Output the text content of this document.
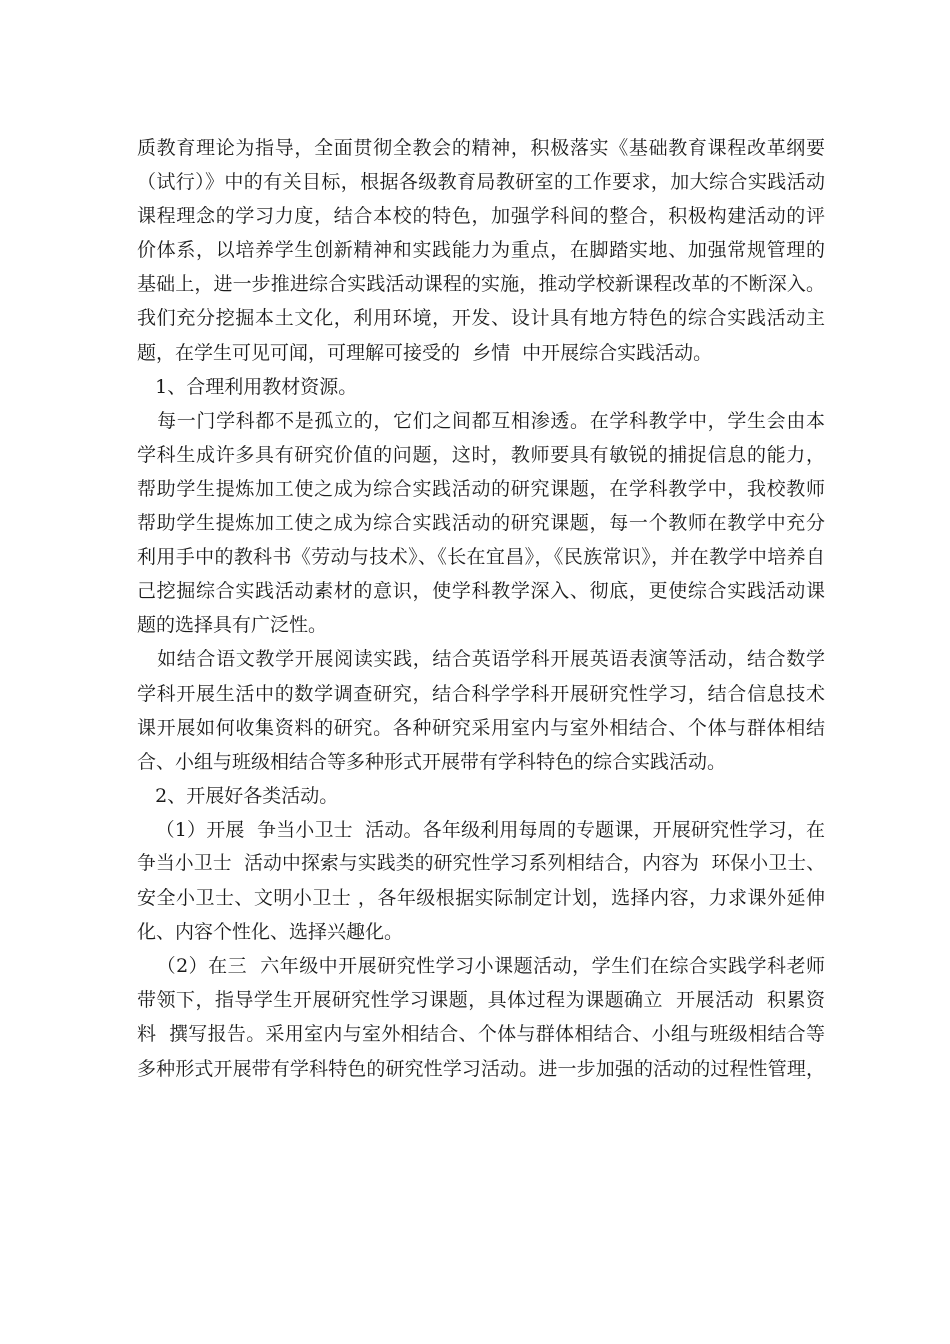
质教育理论为指导，全面贯彻全教会的精神，积极落实《基础教育课程改革纲要
（试行）》中的有关目标，根据各级教育局教研室的工作要求，加大综合实践活动
课程理念的学习力度，结合本校的特色，加强学科间的整合，积极构建活动的评
价体系，以培养学生创新精神和实践能力为重点，在脚踏实地、加强常规管理的
基础上，进一步推进综合实践活动课程的实施，推动学校新课程改革的不断深入。
我们充分挖掘本土文化，利用环境，开发、设计具有地方特色的综合实践活动主
题，在学生可见可闻，可理解可接受的  乡情  中开展综合实践活动。
1、合理利用教材资源。
每一门学科都不是孤立的，它们之间都互相渗透。在学科教学中，学生会由本
学科生成许多具有研究价值的问题，这时，教师要具有敏锐的捕捉信息的能力，
帮助学生提炼加工使之成为综合实践活动的研究课题，在学科教学中，我校教师
帮助学生提炼加工使之成为综合实践活动的研究课题，每一个教师在教学中充分
利用手中的教科书《劳动与技术》、《长在宜昌》，《民族常识》，并在教学中培养自
己挖掘综合实践活动素材的意识，使学科教学深入、彻底，更使综合实践活动课
题的选择具有广泛性。
如结合语文教学开展阅读实践，结合英语学科开展英语表演等活动，结合数学
学科开展生活中的数学调查研究，结合科学学科开展研究性学习，结合信息技术
课开展如何收集资料的研究。各种研究采用室内与室外相结合、个体与群体相结
合、小组与班级相结合等多种形式开展带有学科特色的综合实践活动。
2、开展好各类活动。
（1）开展  争当小卫士  活动。各年级利用每周的专题课，开展研究性学习，在
争当小卫士  活动中探索与实践类的研究性学习系列相结合，内容为  环保小卫士、
安全小卫士、文明小卫士 ，各年级根据实际制定计划，选择内容，力求课外延伸
化、内容个性化、选择兴趣化。
（2）在三  六年级中开展研究性学习小课题活动，学生们在综合实践学科老师
带领下，指导学生开展研究性学习课题，具体过程为课题确立  开展活动  积累资
料  撰写报告。采用室内与室外相结合、个体与群体相结合、小组与班级相结合等
多种形式开展带有学科特色的研究性学习活动。进一步加强的活动的过程性管理，
